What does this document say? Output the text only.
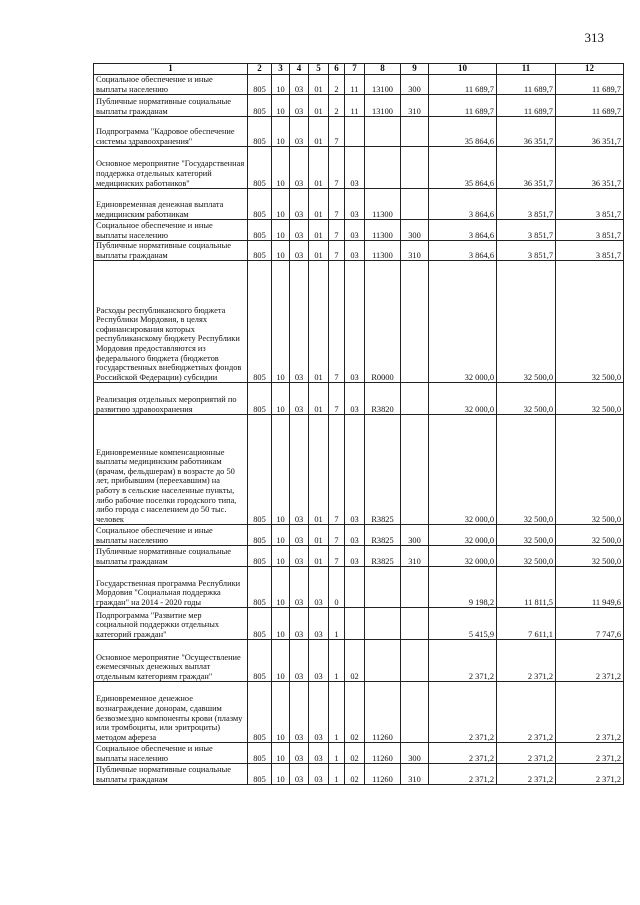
313
1	2	3	4	5	6	7	8	9	10	11	12
Социальное обеспечение и иные выплаты населению	805	10	03	01	2	11	13100	300	11 689,7	11 689,7	11 689,7
Публичные нормативные социальные выплаты гражданам	805	10	03	01	2	11	13100	310	11 689,7	11 689,7	11 689,7
Подпрограмма "Кадровое обеспечение системы здравоохранения"	805	10	03	01	7				35 864,6	36 351,7	36 351,7
Основное мероприятие "Государственная поддержка отдельных категорий медицинских работников"	805	10	03	01	7	03			35 864,6	36 351,7	36 351,7
Единовременная денежная выплата медицинским работникам	805	10	03	01	7	03	11300		3 864,6	3 851,7	3 851,7
Социальное обеспечение и иные выплаты населению	805	10	03	01	7	03	11300	300	3 864,6	3 851,7	3 851,7
Публичные нормативные социальные выплаты гражданам	805	10	03	01	7	03	11300	310	3 864,6	3 851,7	3 851,7
Расходы республиканского бюджета Республики Мордовия, в целях софинансирования которых республиканскому бюджету Республики Мордовия предоставляются из федерального бюджета (бюджетов государственных внебюджетных фондов Российской Федерации) субсидии	805	10	03	01	7	03	R0000		32 000,0	32 500,0	32 500,0
Реализация отдельных мероприятий по развитию здравоохранения	805	10	03	01	7	03	R3820		32 000,0	32 500,0	32 500,0
Единовременные компенсационные выплаты медицинским работникам (врачам, фельдшерам) в возрасте до 50 лет, прибывшим (переехавшим) на работу в сельские населенные пункты, либо рабочие поселки городского типа, либо города с населением до 50 тыс. человек	805	10	03	01	7	03	R3825		32 000,0	32 500,0	32 500,0
Социальное обеспечение и иные выплаты населению	805	10	03	01	7	03	R3825	300	32 000,0	32 500,0	32 500,0
Публичные нормативные социальные выплаты гражданам	805	10	03	01	7	03	R3825	310	32 000,0	32 500,0	32 500,0
Государственная программа Республики Мордовия "Социальная поддержка граждан" на 2014 - 2020 годы	805	10	03	03	0				9 198,2	11 811,5	11 949,6
Подпрограмма "Развитие мер социальной поддержки отдельных категорий граждан"	805	10	03	03	1				5 415,9	7 611,1	7 747,6
Основное мероприятие "Осуществление ежемесячных денежных выплат отдельным категориям граждан"	805	10	03	03	1	02			2 371,2	2 371,2	2 371,2
Единовременное денежное вознаграждение донорам, сдавшим безвозмездно компоненты крови (плазму или тромбоциты, или эритроциты) методом афереза	805	10	03	03	1	02	11260		2 371,2	2 371,2	2 371,2
Социальное обеспечение и иные выплаты населению	805	10	03	03	1	02	11260	300	2 371,2	2 371,2	2 371,2
Публичные нормативные социальные выплаты гражданам	805	10	03	03	1	02	11260	310	2 371,2	2 371,2	2 371,2
